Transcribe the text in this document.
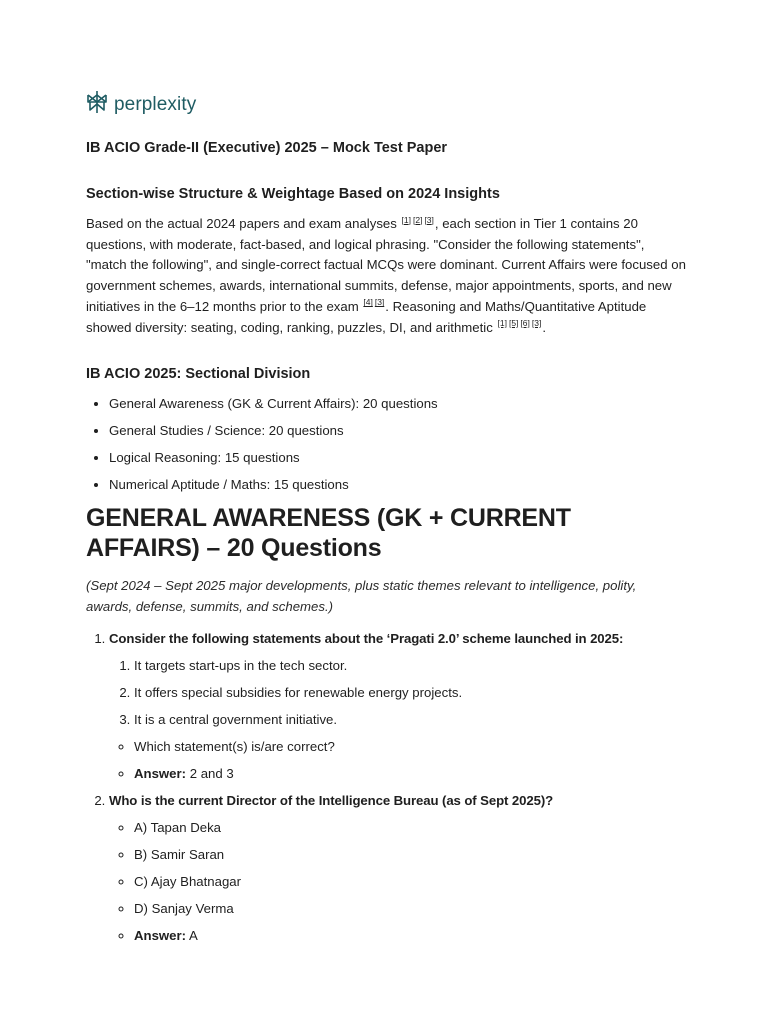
perplexity
IB ACIO Grade-II (Executive) 2025 – Mock Test Paper
Section-wise Structure & Weightage Based on 2024 Insights

Based on the actual 2024 papers and exam analyses [1] [2] [3], each section in Tier 1 contains 20 questions, with moderate, fact-based, and logical phrasing. "Consider the following statements", "match the following", and single-correct factual MCQs were dominant. Current Affairs were focused on government schemes, awards, international summits, defense, major appointments, sports, and new initiatives in the 6–12 months prior to the exam [4] [3]. Reasoning and Maths/Quantitative Aptitude showed diversity: seating, coding, ranking, puzzles, DI, and arithmetic [1] [5] [6] [3].

IB ACIO 2025: Sectional Division
• General Awareness (GK & Current Affairs): 20 questions
• General Studies / Science: 20 questions
• Logical Reasoning: 15 questions
• Numerical Aptitude / Maths: 15 questions
GENERAL AWARENESS (GK + CURRENT AFFAIRS) – 20 Questions

(Sept 2024 – Sept 2025 major developments, plus static themes relevant to intelligence, polity, awards, defense, summits, and schemes.)

1. Consider the following statements about the ‘Pragati 2.0’ scheme launched in 2025:
1. It targets start-ups in the tech sector.
2. It offers special subsidies for renewable energy projects.
3. It is a central government initiative.
◦ Which statement(s) is/are correct?
◦ Answer: 2 and 3
2. Who is the current Director of the Intelligence Bureau (as of Sept 2025)?
◦ A) Tapan Deka
◦ B) Samir Saran
◦ C) Ajay Bhatnagar
◦ D) Sanjay Verma
◦ Answer: A
